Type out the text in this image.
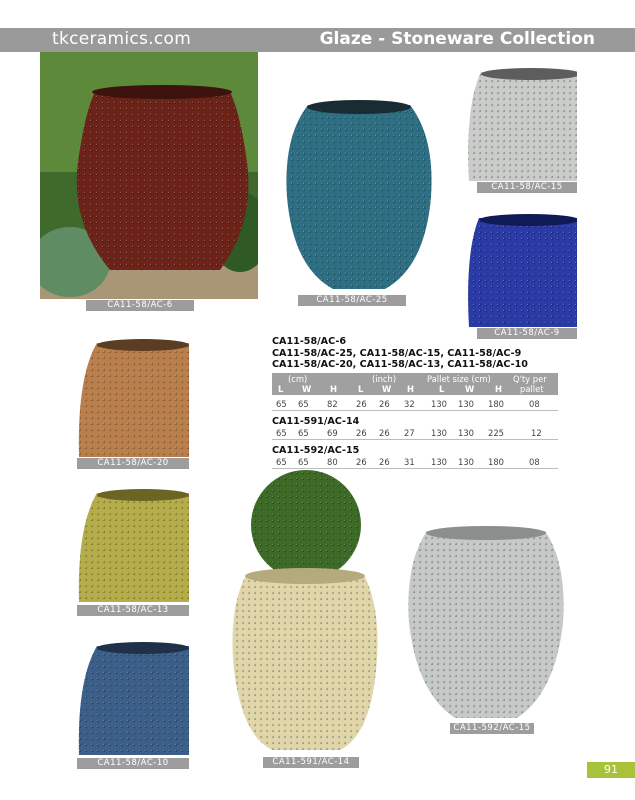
tkceramics.com	Glaze - Stoneware Collection
CA11-58/AC-6	CA11-58/AC-25
CA11-58/AC-15
CA11-58/AC-9
CA11-58/AC-20
CA11-58/AC-13
CA11-58/AC-10	CA11-591/AC-14
CA11-592/AC-15
CA11-58/AC-6
CA11-58/AC-25, CA11-58/AC-15, CA11-58/AC-9
CA11-58/AC-20, CA11-58/AC-13, CA11-58/AC-10
(cm)	(inch)	Pallet size (cm)	Q'ty per
L W H L W H	L W H pallet
65 65 82 26 26 32 130 130 180	08
CA11-591/AC-14
65 65 69 26 26 27 130 130 225	12
CA11-592/AC-15
65 65 80 26 26 31 130 130 180	08
91
